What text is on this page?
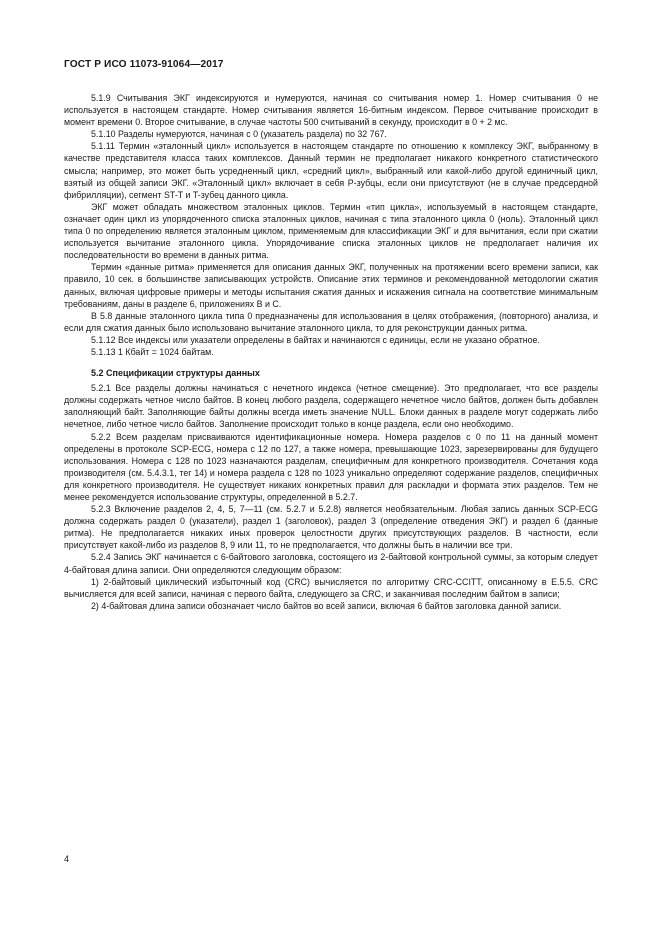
ГОСТ Р ИСО 11073-91064—2017
5.1.9 Считывания ЭКГ индексируются и нумеруются, начиная со считывания номер 1. Номер считывания 0 не используется в настоящем стандарте. Номер считывания является 16-битным индексом. Первое считывание происходит в момент времени 0. Второе считывание, в случае частоты 500 считываний в секунду, происходит в 0 + 2 мс.
5.1.10 Разделы нумеруются, начиная с 0 (указатель раздела) по 32 767.
5.1.11 Термин «эталонный цикл» используется в настоящем стандарте по отношению к комплексу ЭКГ, выбранному в качестве представителя класса таких комплексов. Данный термин не предполагает никакого конкретного статистического смысла; например, это может быть усредненный цикл, «средний цикл», выбранный или какой-либо другой единичный цикл, взятый из общей записи ЭКГ. «Эталонный цикл» включает в себя Р-зубцы, если они присутствуют (не в случае предсердной фибрилляции), сегмент ST-T и T-зубец данного цикла.
ЭКГ может обладать множеством эталонных циклов. Термин «тип цикла», используемый в настоящем стандарте, означает один цикл из упорядоченного списка эталонных циклов, начиная с типа эталонного цикла 0 (ноль). Эталонный цикл типа 0 по определению является эталонным циклом, применяемым для классификации ЭКГ и для вычитания, если при сжатии используется вычитание эталонного цикла. Упорядочивание списка эталонных циклов не предполагает наличия их последовательности во времени в данных ритма.
Термин «данные ритма» применяется для описания данных ЭКГ, полученных на протяжении всего времени записи, как правило, 10 сек. в большинстве записывающих устройств. Описание этих терминов и рекомендованной методологии сжатия данных, включая цифровые примеры и методы испытания сжатия данных и искажения сигнала на соответствие минимальным требованиям, даны в разделе 6, приложениях В и С.
В 5.8 данные эталонного цикла типа 0 предназначены для использования в целях отображения, (повторного) анализа, и если для сжатия данных было использовано вычитание эталонного цикла, то для реконструкции данных ритма.
5.1.12 Все индексы или указатели определены в байтах и начинаются с единицы, если не указано обратное.
5.1.13 1 Кбайт = 1024 байтам.
5.2 Спецификации структуры данных
5.2.1 Все разделы должны начинаться с нечетного индекса (четное смещение). Это предполагает, что все разделы должны содержать четное число байтов. В конец любого раздела, содержащего нечетное число байтов, должен быть добавлен заполняющий байт. Заполняющие байты должны всегда иметь значение NULL. Блоки данных в разделе могут содержать либо нечетное, либо четное число байтов. Заполнение происходит только в конце раздела, если оно необходимо.
5.2.2 Всем разделам присваиваются идентификационные номера. Номера разделов с 0 по 11 на данный момент определены в протоколе SCP-ECG, номера с 12 по 127, а также номера, превышающие 1023, зарезервированы для будущего использования. Номера с 128 по 1023 назначаются разделам, специфичным для конкретного производителя. Сочетания кода производителя (см. 5.4.3.1, тег 14) и номера раздела с 128 по 1023 уникально определяют содержание разделов, специфичных для конкретного производителя. Не существует никаких конкретных правил для раскладки и формата этих разделов. Тем не менее рекомендуется использование структуры, определенной в 5.2.7.
5.2.3 Включение разделов 2, 4, 5, 7—11 (см. 5.2.7 и 5.2.8) является необязательным. Любая запись данных SCP-ECG должна содержать раздел 0 (указатели), раздел 1 (заголовок), раздел 3 (определение отведения ЭКГ) и раздел 6 (данные ритма). Не предполагается никаких иных проверок целостности других присутствующих разделов. В частности, если присутствует какой-либо из разделов 8, 9 или 11, то не предполагается, что должны быть в наличии все три.
5.2.4 Запись ЭКГ начинается с 6-байтового заголовка, состоящего из 2-байтовой контрольной суммы, за которым следует 4-байтовая длина записи. Они определяются следующим образом:
1) 2-байтовый циклический избыточный код (CRC) вычисляется по алгоритму CRC-CCITT, описанному в Е.5.5. CRC вычисляется для всей записи, начиная с первого байта, следующего за CRC, и заканчивая последним байтом в записи;
2) 4-байтовая длина записи обозначает число байтов во всей записи, включая 6 байтов заголовка данной записи.
4
